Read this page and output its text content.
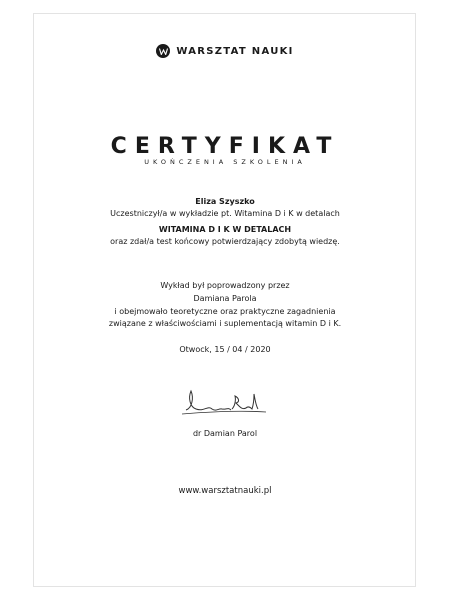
WARSZTAT NAUKI
CERTYFIKAT
UKOŃCZENIA SZKOLENIA
Eliza Szyszko
Uczestniczył/a w wykładzie pt. Witamina D i K w detalach
WITAMINA D I K W DETALACH
oraz zdał/a test końcowy potwierdzający zdobytą wiedzę.
Wykład był poprowadzony przez
Damiana Parola
i obejmowało teoretyczne oraz praktyczne zagadnienia
związane z właściwościami i suplementacją witamin D i K.
Otwock, 15 / 04 / 2020
dr Damian Parol
www.warsztatnauki.pl
